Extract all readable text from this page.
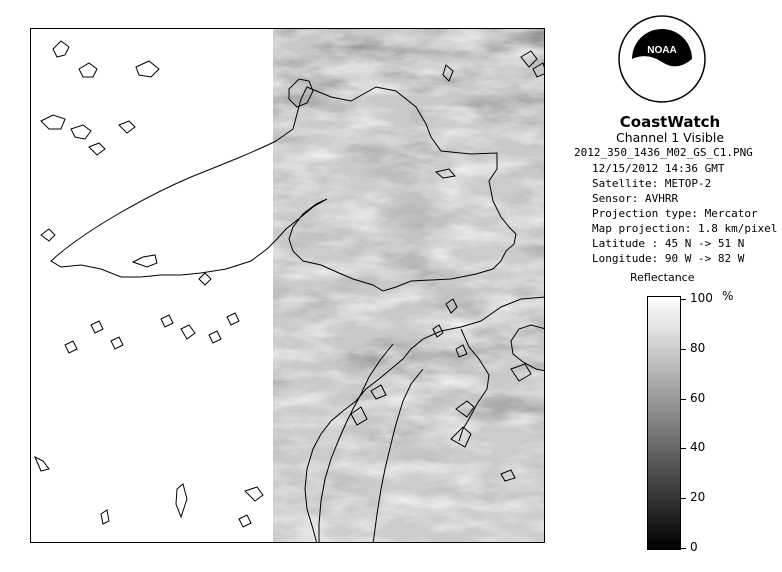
NOAA
CoastWatch
Channel 1 Visible
2012_350_1436_M02_GS_C1.PNG
12/15/2012 14:36 GMT
Satellite: METOP-2
Sensor: AVHRR
Projection type: Mercator
Map projection: 1.8 km/pixel
Latitude : 45 N -> 51 N
Longitude: 90 W -> 82 W
Reflectance
%
100
80
60
40
20
0
